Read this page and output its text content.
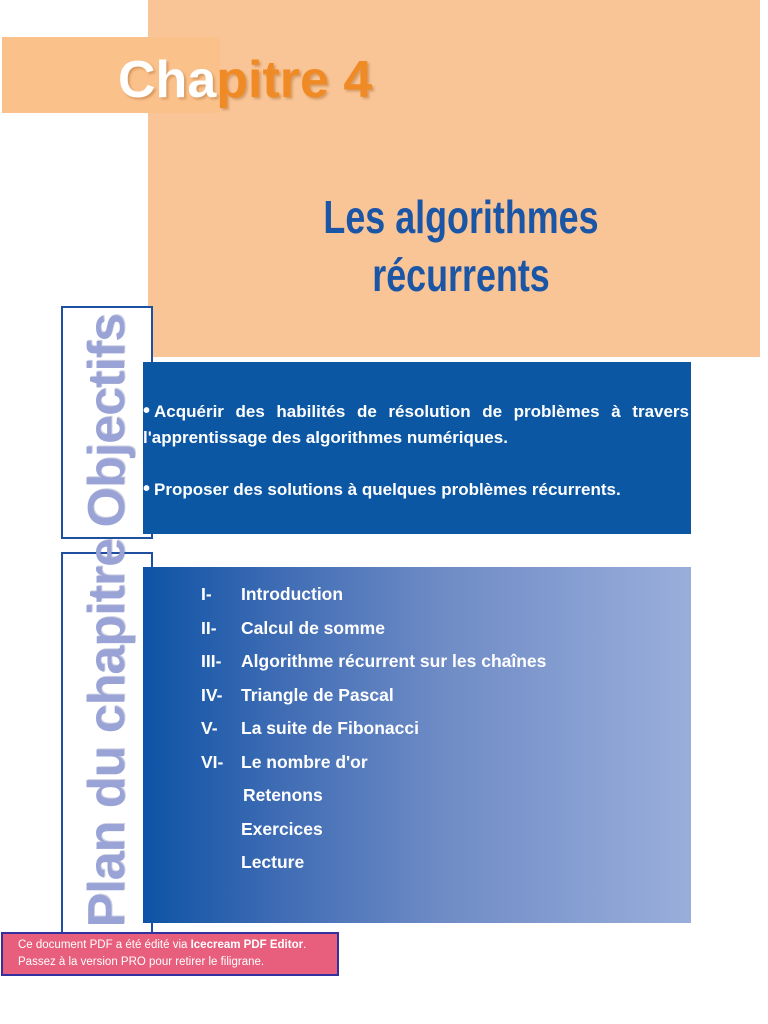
Chapitre 4
Les algorithmes
récurrents
Objectifs
Plan du chapitre
• Acquérir des habilités de résolution de problèmes à travers l'apprentissage des algorithmes numériques.
• Proposer des solutions à quelques problèmes récurrents.
I- Introduction
II- Calcul de somme
III- Algorithme récurrent sur les chaînes
IV- Triangle de Pascal
V- La suite de Fibonacci
VI- Le nombre d'or
Retenons
Exercices
Lecture
Ce document PDF a été édité via Icecream PDF Editor.
Passez à la version PRO pour retirer le filigrane.
